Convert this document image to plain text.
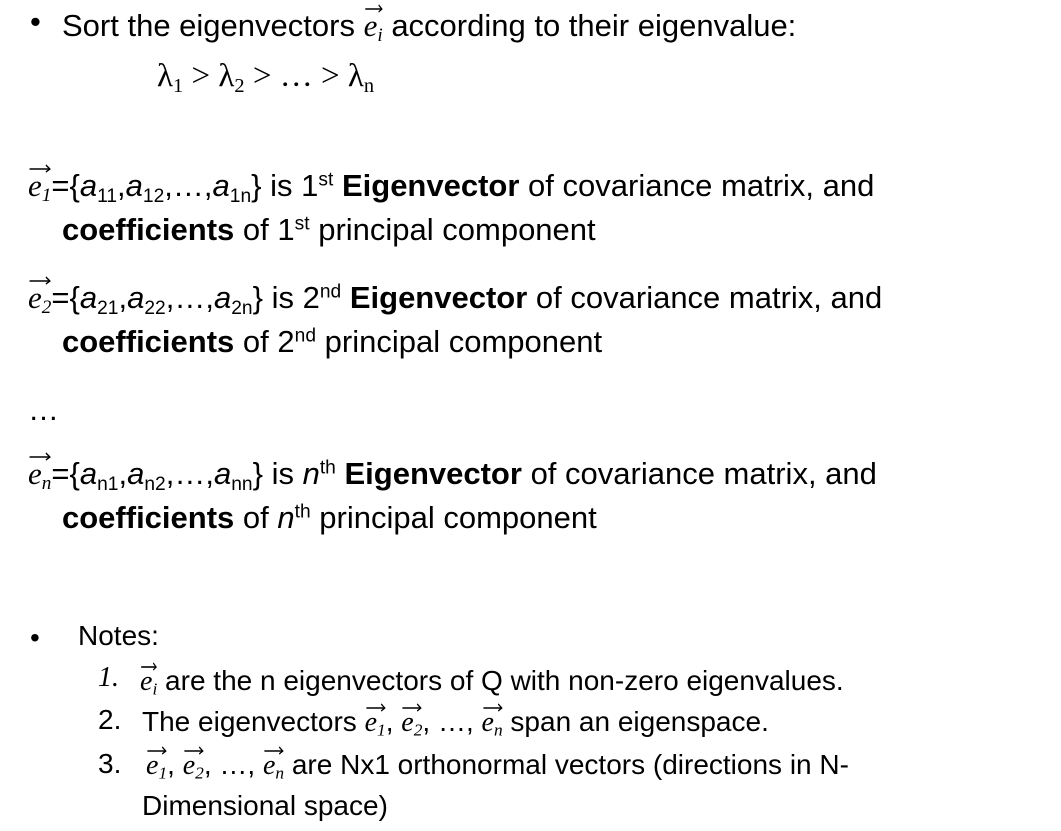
• Sort the eigenvectors $e_i$ according to their eigenvalue:
$\lambda_1 > \lambda_2$ > … > $\lambda_n$
$e_1=\{a11,a12,\dots,a1n\}$ is 1st Eigenvector of covariance matrix, and
coefficients of 1st principal component
$e_2=\{a21,a22,\dots,a2n\}$ is 2nd Eigenvector of covariance matrix, and
coefficients of 2nd principal component
…
$e_n=\{an1,an2,\dots,ann\}$ is $n^{th}$ Eigenvector of covariance matrix, and
coefficients of $n^{th}$ principal component
• Notes:
1. $e_i$ are the n eigenvectors of Q with non-zero eigenvalues.
2. The eigenvectors $e_1$, $e_2$, …, $e_n$ span an eigenspace.
3. $e_1$, $e_2$, …, $e_n$ are Nx1 orthonormal vectors (directions in N-
Dimensional space)
